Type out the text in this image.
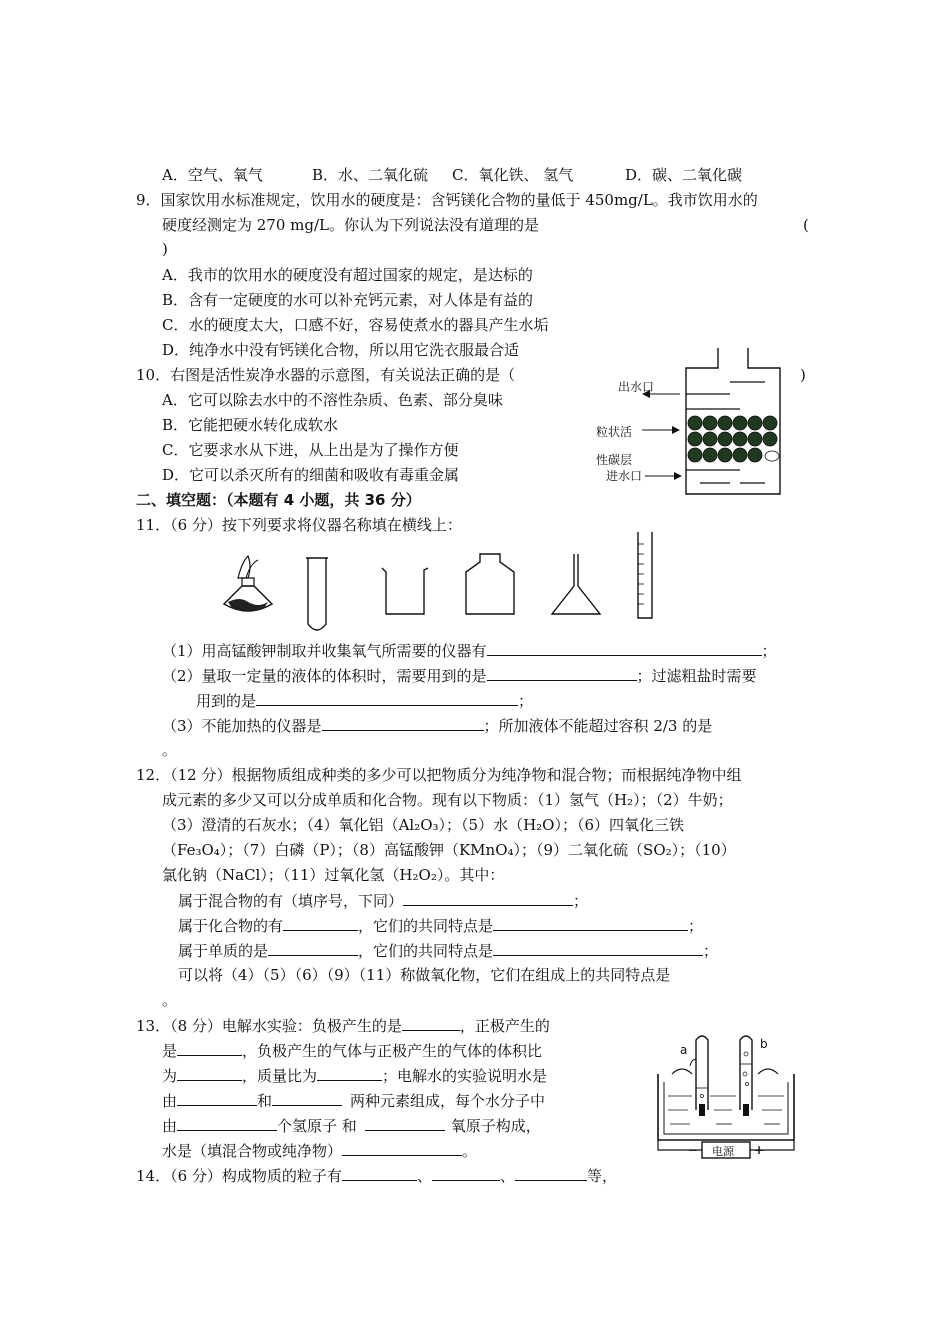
A．空气、氧气	B．水、二氧化硫 C．氧化铁、 氢气	D．碳、二氧化碳
9．国家饮用水标准规定，饮用水的硬度是：含钙镁化合物的量低于 450mg/L。我市饮用水的
硬度经测定为 270 mg/L。你认为下列说法没有道理的是	(
)
A．我市的饮用水的硬度没有超过国家的规定，是达标的
B．含有一定硬度的水可以补充钙元素，对人体是有益的
C．水的硬度太大，口感不好，容易使煮水的器具产生水垢
D．纯净水中没有钙镁化合物，所以用它洗衣服最合适
10．右图是活性炭净水器的示意图，有关说法正确的是（	)
A．它可以除去水中的不溶性杂质、色素、部分臭味
B．它能把硬水转化成软水
C．它要求水从下进，从上出是为了操作方便
D．它可以杀灭所有的细菌和吸收有毒重金属
出水口
粒状活
性碳层
进水口
二、填空题：（本题有 4 小题，共 36 分）
11．（6 分）按下列要求将仪器名称填在横线上：
（1）用高锰酸钾制取并收集氧气所需要的仪器有	；
（2）量取一定量的液体的体积时，需要用到的是	；过滤粗盐时需要
用到的是	；
（3）不能加热的仪器是	；所加液体不能超过容积 2/3 的是
。
12．（12 分）根据物质组成种类的多少可以把物质分为纯净物和混合物；而根据纯净物中组
成元素的多少又可以分成单质和化合物。现有以下物质：（1）氢气（H₂）；（2）牛奶；
（3）澄清的石灰水；（4）氧化铝（Al₂O₃）；（5）水（H₂O）；（6）四氧化三铁
（Fe₃O₄）；（7）白磷（P）；（8）高锰酸钾（KMnO₄）；（9）二氧化硫（SO₂）；（10）
氯化钠（NaCl）；（11）过氧化氢（H₂O₂）。其中：
属于混合物的有（填序号，下同）	；
属于化合物的有	，它们的共同特点是	；
属于单质的是	，它们的共同特点是	；
可以将（4）（5）（6）（9）（11）称做氧化物，它们在组成上的共同特点是
。
13．（8 分）电解水实验：负极产生的是	，正极产生的
是	，负极产生的气体与正极产生的气体的体积比
为	，质量比为	；电解水的实验说明水是
由	和	两种元素组成，每个水分子中
由	个氢原子 和	氧原子构成，
水是（填混合物或纯净物）	。	电源
−	+
a	b
14．（6 分）构成物质的粒子有	、	、	等，
